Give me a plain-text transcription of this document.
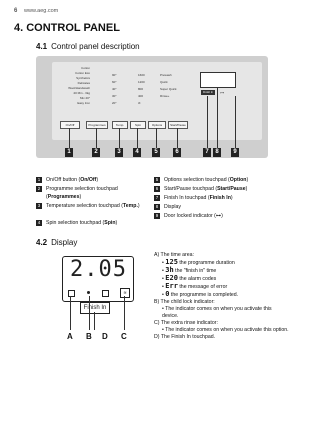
6 www.aeg.com
4. CONTROL PANEL
4.1 Control panel description
Cotton
Cotton Eco
Synthetics
Delicates
Wool/Handwash
20 Min - 3kg
Mix 20°
Easy Iron
90°
60°
40°
30°
20°
1600
1200
800
400
⊘
Prewash
Quick
Super Quick
Rinse+
Finish In	⊶
On/Off	Programmes	Temp.	Spin	Options	Start/Pause
1	2	3	4	5	6	7	8	9
1	On/Off button (On/Off)
2	Programme selection touchpad (Programmes)
3	Temperature selection touchpad (Temp.)
4	Spin selection touchpad (Spin)
5	Options selection touchpad (Option)
6	Start/Pause touchpad (Start/Pause)
7	Finish In touchpad (Finish In)
8	Display
9	Door locked indicator (⊶)
4.2 Display
2.05
≋
Finish In
A B D C
A) The time area:
• 125 the programme duration
• 3h the "finish in" time
• E20 the alarm codes
• Err the message of error
• 0 the programme is completed.
B) The child lock indicator:
• The indicator comes on when you activate this device.
C) The extra rinse indicator:
• The indicator comes on when you activate this option.
D) The Finish In touchpad.
